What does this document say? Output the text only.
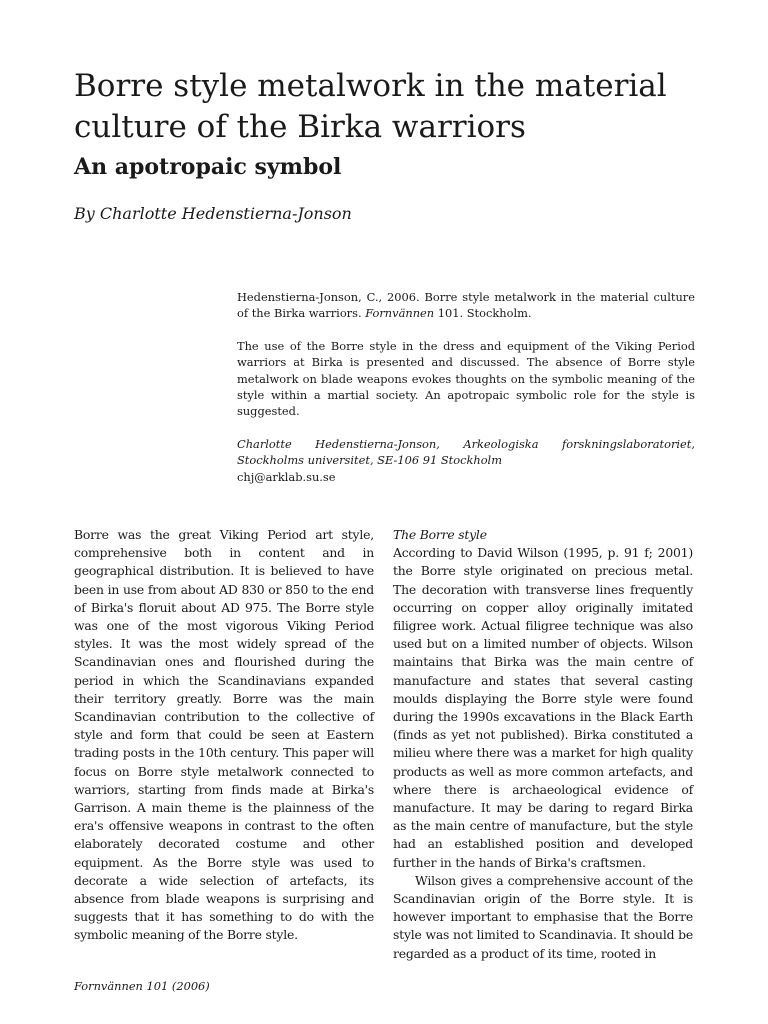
Borre style metalwork in the material culture of the Birka warriors
An apotropaic symbol
By Charlotte Hedenstierna-Jonson

Hedenstierna-Jonson, C., 2006. Borre style metalwork in the material culture of the Birka warriors. Fornvännen 101. Stockholm.

The use of the Borre style in the dress and equipment of the Viking Period warriors at Birka is presented and discussed. The absence of Borre style metalwork on blade weapons evokes thoughts on the symbolic meaning of the style within a martial society. An apotropaic symbolic role for the style is suggested.

Charlotte Hedenstierna-Jonson, Arkeologiska forskningslaboratoriet, Stockholms universitet, SE-106 91 Stockholm
chj@arklab.su.se

Borre was the great Viking Period art style, comprehensive both in content and in geographical distribution. It is believed to have been in use from about AD 830 or 850 to the end of Birka's floruit about AD 975. The Borre style was one of the most vigorous Viking Period styles. It was the most widely spread of the Scandinavian ones and flourished during the period in which the Scandinavians expanded their territory greatly. Borre was the main Scandinavian contribution to the collective of style and form that could be seen at Eastern trading posts in the 10th century. This paper will focus on Borre style metalwork connected to warriors, starting from finds made at Birka's Garrison. A main theme is the plainness of the era's offensive weapons in contrast to the often elaborately decorated costume and other equipment. As the Borre style was used to decorate a wide selection of artefacts, its absence from blade weapons is surprising and suggests that it has something to do with the symbolic meaning of the Borre style.

The Borre style

According to David Wilson (1995, p. 91 f; 2001) the Borre style originated on precious metal. The decoration with transverse lines frequently occurring on copper alloy originally imitated filigree work. Actual filigree technique was also used but on a limited number of objects. Wilson maintains that Birka was the main centre of manufacture and states that several casting moulds displaying the Borre style were found during the 1990s excavations in the Black Earth (finds as yet not published). Birka constituted a milieu where there was a market for high quality products as well as more common artefacts, and where there is archaeological evidence of manufacture. It may be daring to regard Birka as the main centre of manufacture, but the style had an established position and developed further in the hands of Birka's craftsmen.

Wilson gives a comprehensive account of the Scandinavian origin of the Borre style. It is however important to emphasise that the Borre style was not limited to Scandinavia. It should be regarded as a product of its time, rooted in

Fornvännen 101 (2006)
